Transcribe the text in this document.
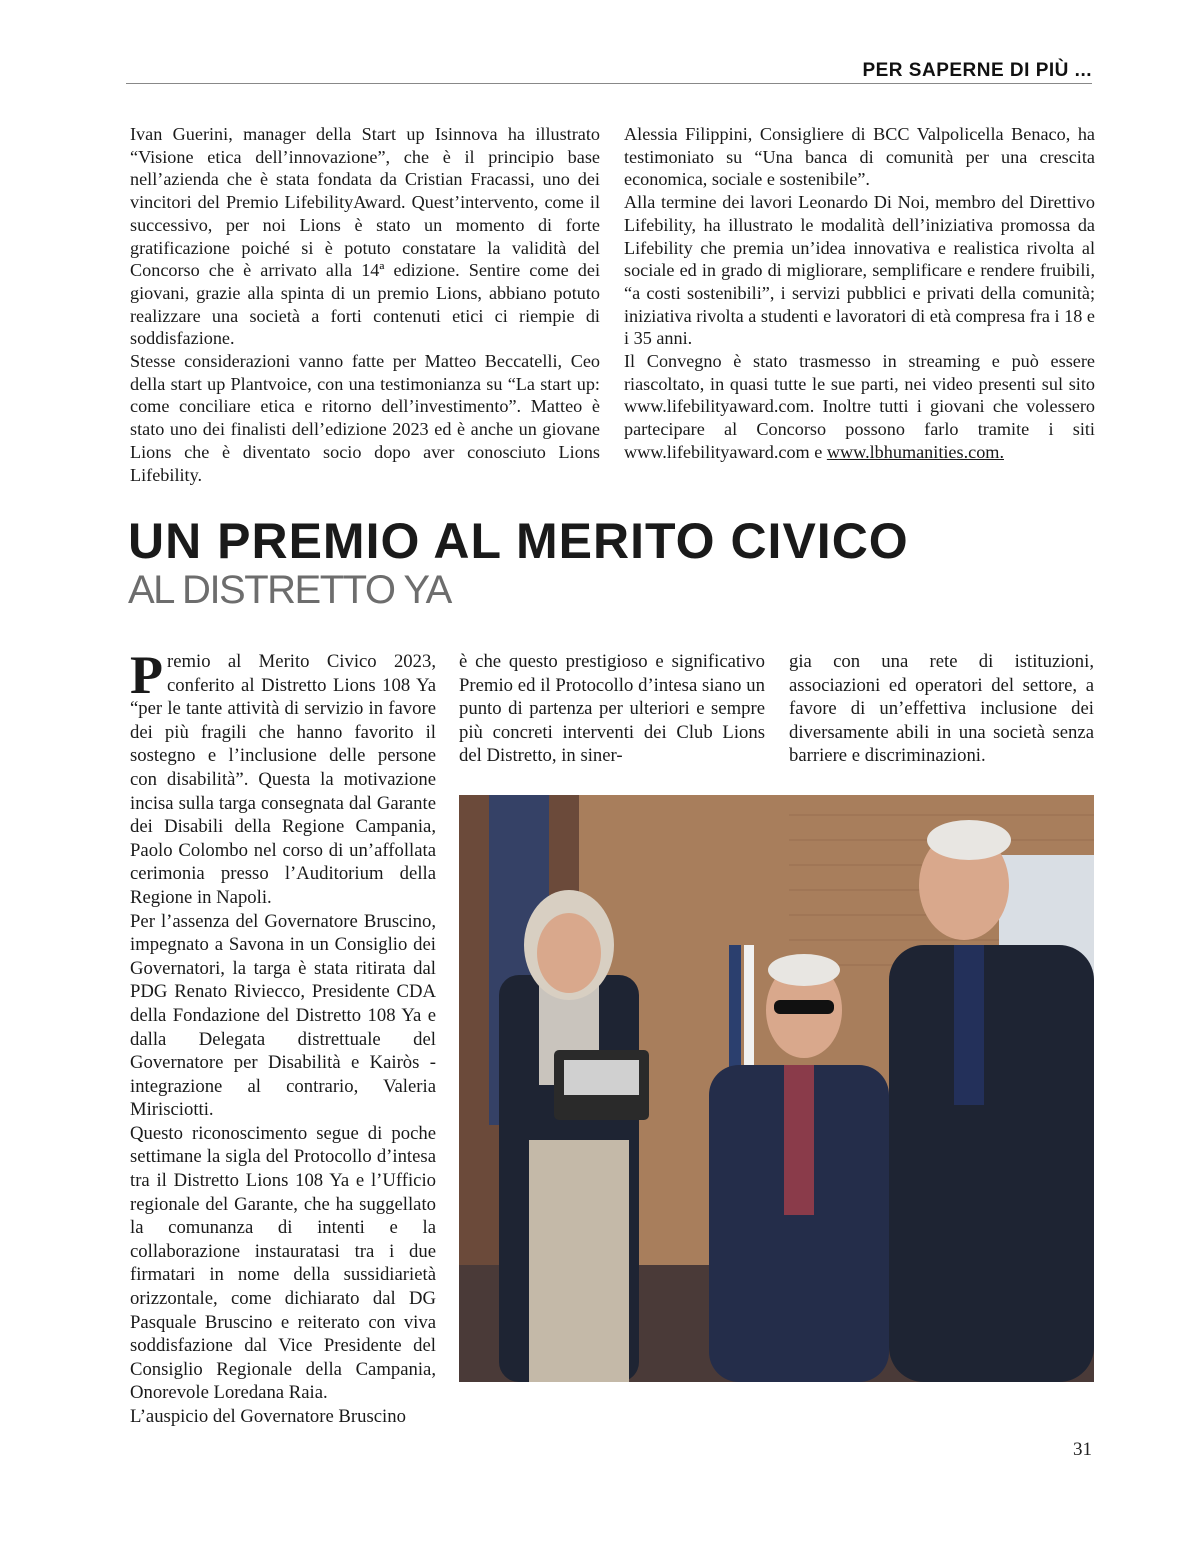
PER SAPERNE DI PIÙ ...

Ivan Guerini, manager della Start up Isinnova ha illustrato “Visione etica dell’innovazione”, che è il principio base nell’azienda che è stata fondata da Cristian Fracassi, uno dei vincitori del Premio LifebilityAward. Quest’intervento, come il successivo, per noi Lions è stato un momento di forte gratificazione poiché si è potuto constatare la validità del Concorso che è arrivato alla 14ª edizione. Sentire come dei giovani, grazie alla spinta di un premio Lions, abbiano potuto realizzare una società a forti contenuti etici ci riempie di soddisfazione.

Stesse considerazioni vanno fatte per Matteo Beccatelli, Ceo della start up Plantvoice, con una testimonianza su “La start up: come conciliare etica e ritorno dell’investimento”. Matteo è stato uno dei finalisti dell’edizione 2023 ed è anche un giovane Lions che è diventato socio dopo aver conosciuto Lions Lifebility.

Alessia Filippini, Consigliere di BCC Valpolicella Benaco, ha testimoniato su “Una banca di comunità per una crescita economica, sociale e sostenibile”.

Alla termine dei lavori Leonardo Di Noi, membro del Direttivo Lifebility, ha illustrato le modalità dell’iniziativa promossa da Lifebility che premia un’idea innovativa e realistica rivolta al sociale ed in grado di migliorare, semplificare e rendere fruibili, “a costi sostenibili”, i servizi pubblici e privati della comunità; iniziativa rivolta a studenti e lavoratori di età compresa fra i 18 e i 35 anni.

Il Convegno è stato trasmesso in streaming e può essere riascoltato, in quasi tutte le sue parti, nei video presenti sul sito www.lifebilityaward.com. Inoltre tutti i giovani che volessero partecipare al Concorso possono farlo tramite i siti www.lifebilityaward.com e www.lbhumanities.com.

UN PREMIO AL MERITO CIVICO
AL DISTRETTO YA

Premio al Merito Civico 2023, conferito al Distretto Lions 108 Ya “per le tante attività di servizio in favore dei più fragili che hanno favorito il sostegno e l’inclusione delle persone con disabilità”. Questa la motivazione incisa sulla targa consegnata dal Garante dei Disabili della Regione Campania, Paolo Colombo nel corso di un’affollata cerimonia presso l’Auditorium della Regione in Napoli.

Per l’assenza del Governatore Bruscino, impegnato a Savona in un Consiglio dei Governatori, la targa è stata ritirata dal PDG Renato Riviecco, Presidente CDA della Fondazione del Distretto 108 Ya e dalla Delegata distrettuale del Governatore per Disabilità e Kairòs - integrazione al contrario, Valeria Mirisciotti.

Questo riconoscimento segue di poche settimane la sigla del Protocollo d’intesa tra il Distretto Lions 108 Ya e l’Ufficio regionale del Garante, che ha suggellato la comunanza di intenti e la collaborazione instauratasi tra i due firmatari in nome della sussidiarietà orizzontale, come dichiarato dal DG Pasquale Bruscino e reiterato con viva soddisfazione dal Vice Presidente del Consiglio Regionale della Campania, Onorevole Loredana Raia.

L’auspicio del Governatore Bruscino

è che questo prestigioso e significativo Premio ed il Protocollo d’intesa siano un punto di partenza per ulteriori e sempre più concreti interventi dei Club Lions del Distretto, in siner-

gia con una rete di istituzioni, associazioni ed operatori del settore, a favore di un’effettiva inclusione dei diversamente abili in una società senza barriere e discriminazioni.

31
